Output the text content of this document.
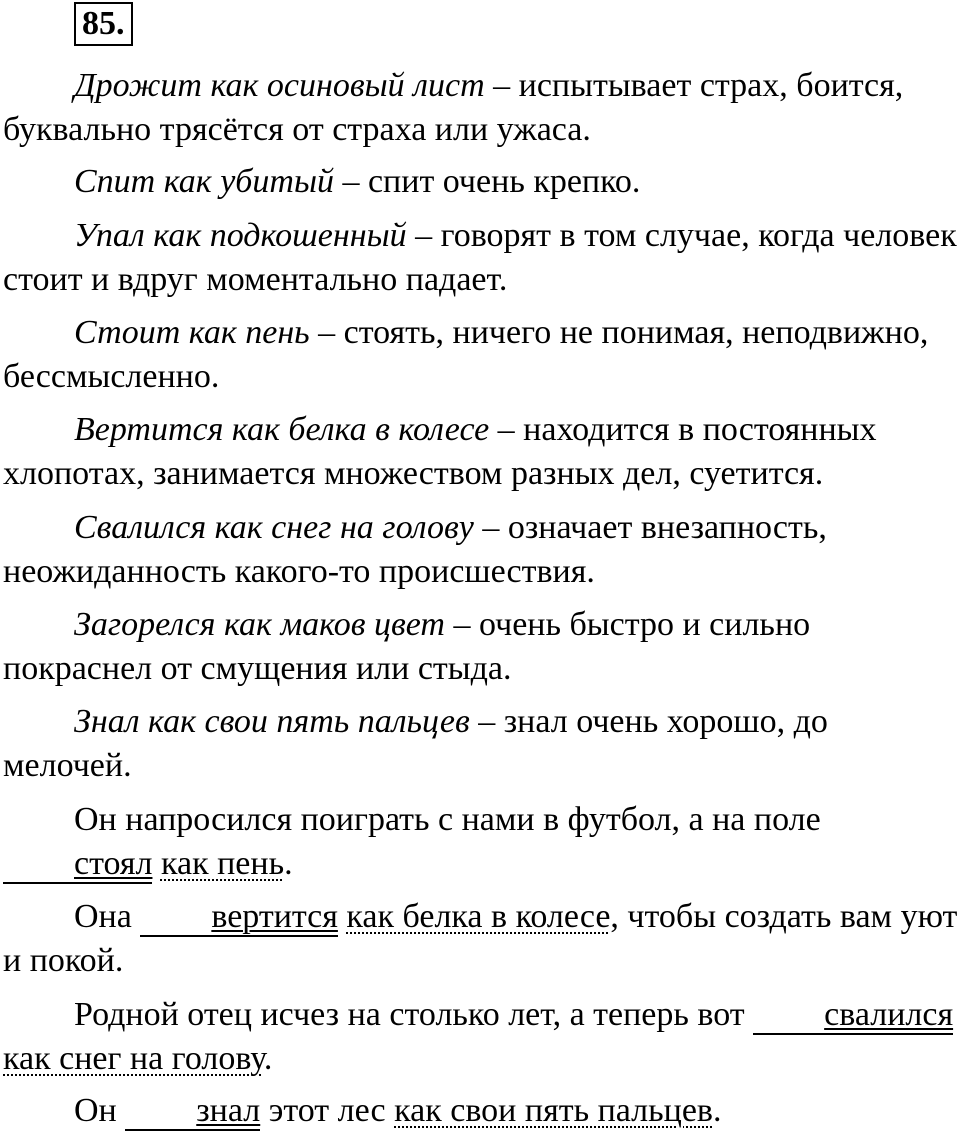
85.

Дрожит как осиновый лист – испытывает страх, боится, буквально трясётся от страха или ужаса.

Спит как убитый – спит очень крепко.

Упал как подкошенный – говорят в том случае, когда человек стоит и вдруг моментально падает.

Стоит как пень – стоять, ничего не понимая, неподвижно, бессмысленно.

Вертится как белка в колесе – находится в постоянных хлопотах, занимается множеством разных дел, суетится.

Свалился как снег на голову – означает внезапность, неожиданность какого-то происшествия.

Загорелся как маков цвет – очень быстро и сильно покраснел от смущения или стыда.

Знал как свои пять пальцев – знал очень хорошо, до мелочей.

Он напросился поиграть с нами в футбол, а на поле стоял как пень.

Она вертится как белка в колесе, чтобы создать вам уют и покой.

Родной отец исчез на столько лет, а теперь вот свалился как снег на голову.

Он знал этот лес как свои пять пальцев.
